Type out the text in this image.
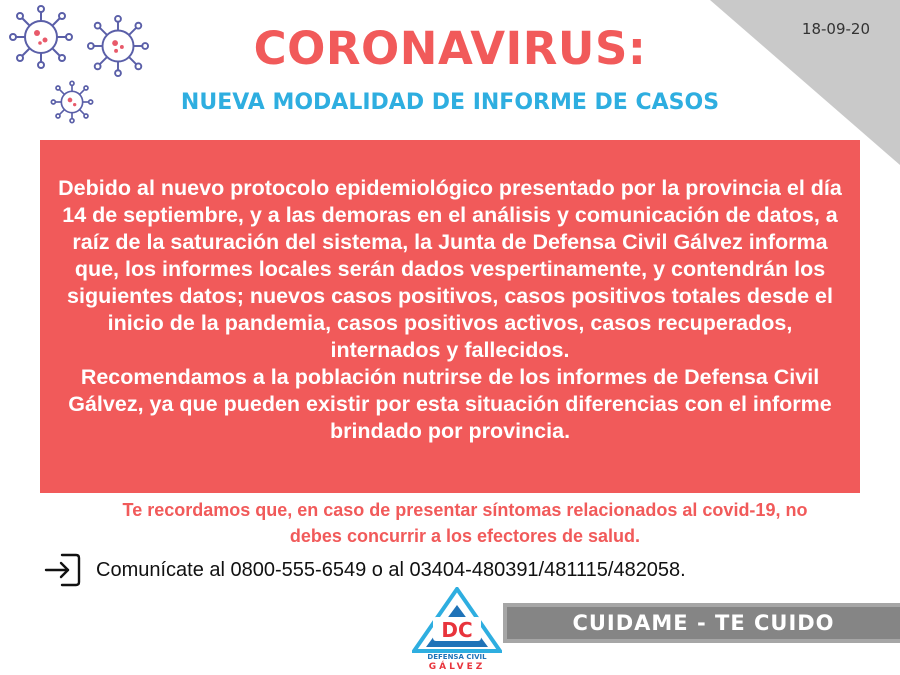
18-09-20
CORONAVIRUS:
NUEVA MODALIDAD DE INFORME DE CASOS

Debido al nuevo protocolo epidemiológico presentado por la provincia el día 14 de septiembre, y a las demoras en el análisis y comunicación de datos, a raíz de la saturación del sistema, la Junta de Defensa Civil Gálvez informa que, los informes locales serán dados vespertinamente, y contendrán los siguientes datos; nuevos casos positivos, casos positivos totales desde el inicio de la pandemia, casos positivos activos, casos recuperados, internados y fallecidos.

Recomendamos a la población nutrirse de los informes de Defensa Civil Gálvez, ya que pueden existir por esta situación diferencias con el informe brindado por provincia.

Te recordamos que, en caso de presentar síntomas relacionados al covid-19, no debes concurrir a los efectores de salud.
Comunícate al 0800-555-6549 o al 03404-480391/481115/482058.
DC
DEFENSA CIVIL
GÁLVEZ
CUIDAME - TE CUIDO
